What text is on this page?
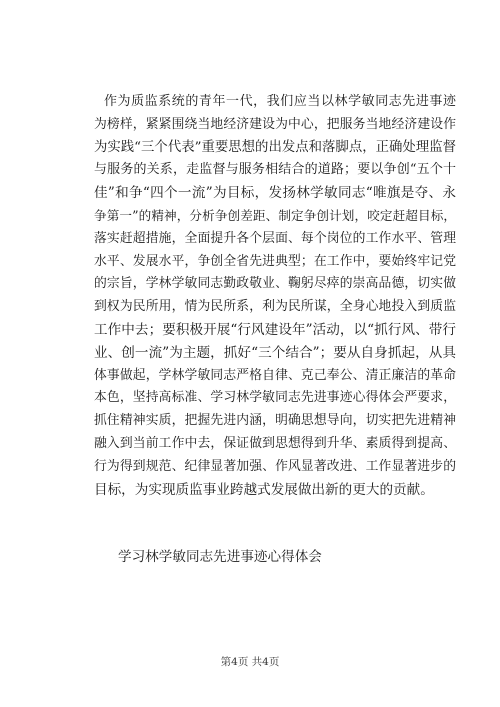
作为质监系统的青年一代，我们应当以林学敏同志先进事迹
为榜样，紧紧围绕当地经济建设为中心，把服务当地经济建设作
为实践“三个代表”重要思想的出发点和落脚点，正确处理监督
与服务的关系，走监督与服务相结合的道路；要以争创“五个十
佳”和争“四个一流”为目标，发扬林学敏同志“唯旗是夺、永
争第一”的精神，分析争创差距、制定争创计划，咬定赶超目标，
落实赶超措施，全面提升各个层面、每个岗位的工作水平、管理
水平、发展水平，争创全省先进典型；在工作中，要始终牢记党
的宗旨，学林学敏同志勤政敬业、鞠躬尽瘁的崇高品德，切实做
到权为民所用，情为民所系，利为民所谋，全身心地投入到质监
工作中去；要积极开展“行风建设年”活动，以“抓行风、带行
业、创一流”为主题，抓好“三个结合”；要从自身抓起，从具
体事做起，学林学敏同志严格自律、克己奉公、清正廉洁的革命
本色，坚持高标准、学习林学敏同志先进事迹心得体会严要求，
抓住精神实质，把握先进内涵，明确思想导向，切实把先进精神
融入到当前工作中去，保证做到思想得到升华、素质得到提高、
行为得到规范、纪律显著加强、作风显著改进、工作显著进步的
目标，为实现质监事业跨越式发展做出新的更大的贡献。
学习林学敏同志先进事迹心得体会
第4页 共4页
